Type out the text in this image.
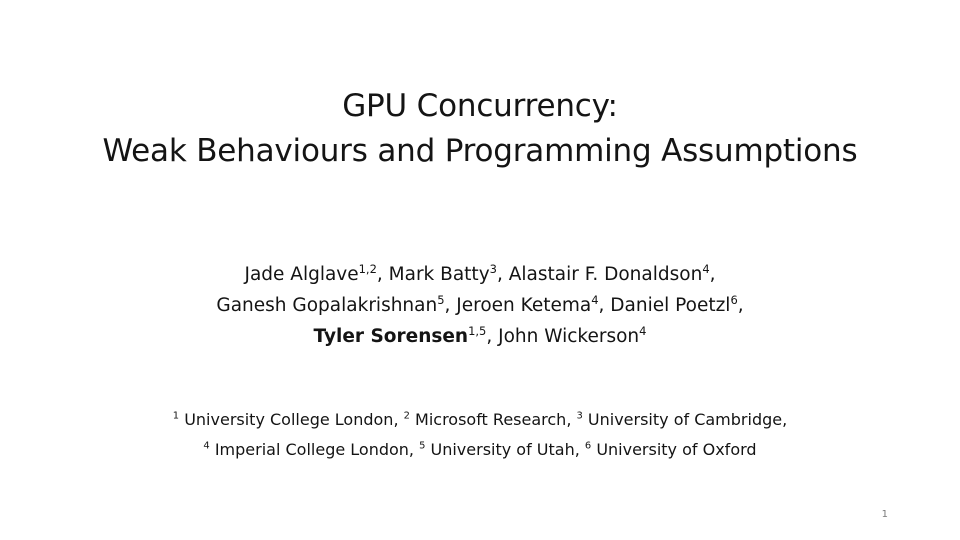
GPU Concurrency:
Weak Behaviours and Programming Assumptions
Jade Alglave$^{1,2}$, Mark Batty$^3$, Alastair F. Donaldson$^4$,
Ganesh Gopalakrishnan$^5$, Jeroen Ketema$^4$, Daniel Poetzl$^6$,
Tyler Sorensen$^{1,5}$, John Wickerson$^4$
$^1$ University College London, $^2$ Microsoft Research, $^3$ University of Cambridge,
$^4$ Imperial College London, $^5$ University of Utah, $^6$ University of Oxford
1
